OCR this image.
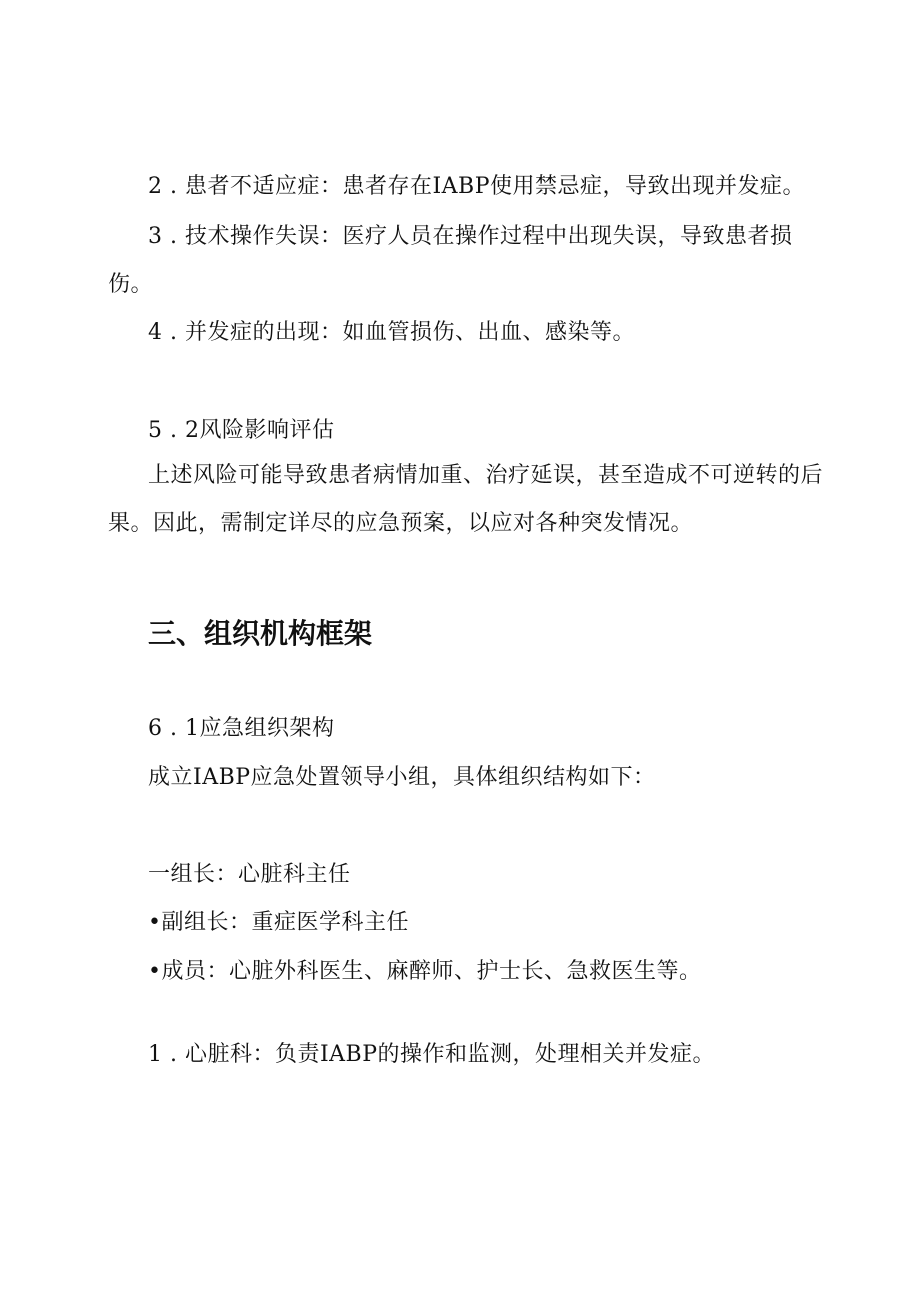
2 . 患者不适应症：患者存在IABP使用禁忌症，导致出现并发症。
3 . 技术操作失误：医疗人员在操作过程中出现失误，导致患者损伤。
4 . 并发症的出现：如血管损伤、出血、感染等。
5 . 2风险影响评估
上述风险可能导致患者病情加重、治疗延误，甚至造成不可逆转的后果。因此，需制定详尽的应急预案，以应对各种突发情况。
三、组织机构框架
6 . 1应急组织架构
成立IABP应急处置领导小组，具体组织结构如下：
一组长：心脏科主任
•副组长：重症医学科主任
•成员：心脏外科医生、麻醉师、护士长、急救医生等。
1 . 心脏科：负责IABP的操作和监测，处理相关并发症。
